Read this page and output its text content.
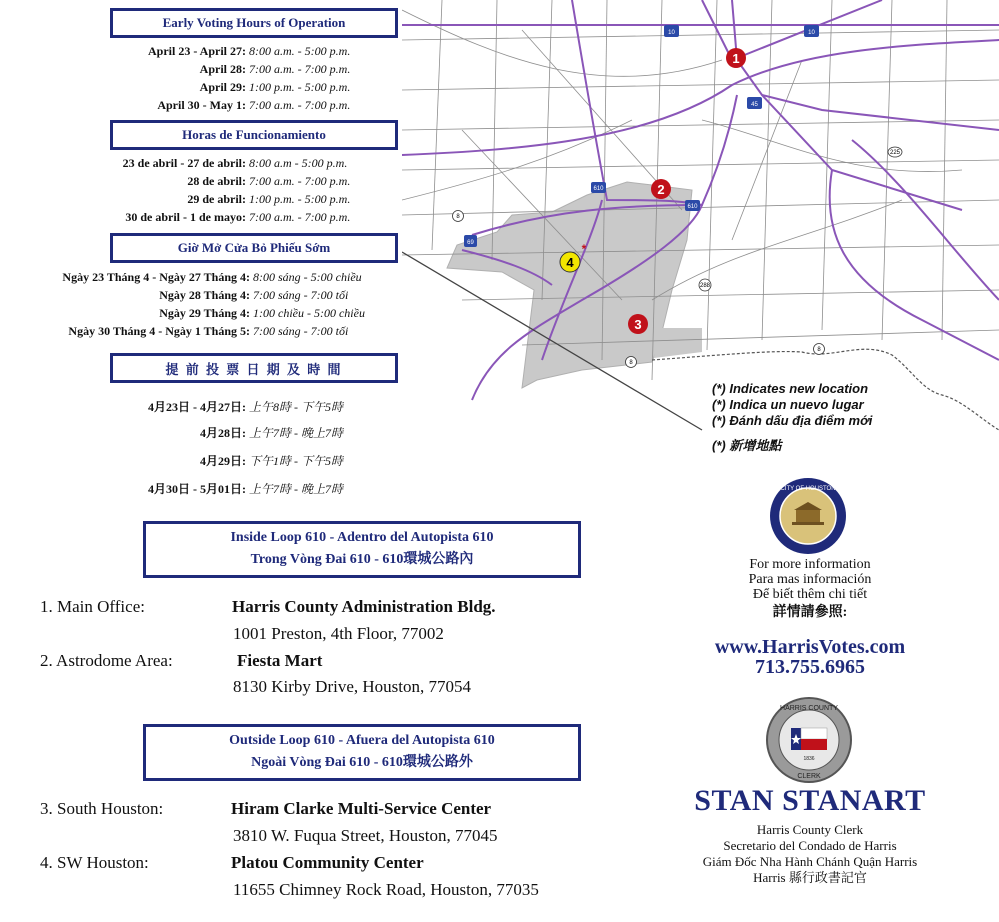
Early Voting Hours of Operation
April 23 - April 27: 8:00 a.m. - 5:00 p.m.
April 28: 7:00 a.m. - 7:00 p.m.
April 29: 1:00 p.m. - 5:00 p.m.
April 30 - May 1: 7:00 a.m. - 7:00 p.m.
Horas de Funcionamiento
23 de abril - 27 de abril: 8:00 a.m - 5:00 p.m.
28 de abril: 7:00 a.m. - 7:00 p.m.
29 de abril: 1:00 p.m. - 5:00 p.m.
30 de abril - 1 de mayo: 7:00 a.m. - 7:00 p.m.
Giờ Mở Cửa Bỏ Phiếu Sớm
Ngày 23 Tháng 4 - Ngày 27 Tháng 4: 8:00 sáng - 5:00 chiều
Ngày 28 Tháng 4: 7:00 sáng - 7:00 tối
Ngày 29 Tháng 4: 1:00 chiều - 5:00 chiều
Ngày 30 Tháng 4 - Ngày 1 Tháng 5: 7:00 sáng - 7:00 tối
提 前 投 票 日 期 及 時 間
4月23日 - 4月27日: 上午8時 - 下午5時
4月28日: 上午7時 - 晚上7時
4月29日: 下午1時 - 下午5時
4月30日 - 5月01日: 上午7時 - 晚上7時
10	10
45
610
610
69
8
8
8
288
225
1
2
3
4
*
(*) Indicates new location
(*) Indica un nuevo lugar
(*) Đánh dấu địa điểm mới
(*) 新增地點
Inside Loop 610 - Adentro del Autopista 610
Trong Vòng Đai 610 - 610環城公路內
1. Main Office:	Harris County Administration Bldg.
1001 Preston, 4th Floor, 77002
2. Astrodome Area:	Fiesta Mart
8130 Kirby Drive, Houston, 77054
Outside Loop 610 - Afuera del Autopista 610
Ngoài Vòng Đai 610 - 610環城公路外
3. South Houston:	Hiram Clarke Multi-Service Center
3810 W. Fuqua Street, Houston, 77045
4. SW Houston:	Platou Community Center
11655 Chimney Rock Road, Houston, 77035
CITY OF HOUSTON
For more information
Para mas información
Để biết thêm chi tiết
詳情請參照:
www.HarrisVotes.com
713.755.6965
HARRIS COUNTY
CLERK
1836
STAN STANART
Harris County Clerk
Secretario del Condado de Harris
Giám Đốc Nha Hành Chánh Quận Harris
Harris 縣行政書記官
